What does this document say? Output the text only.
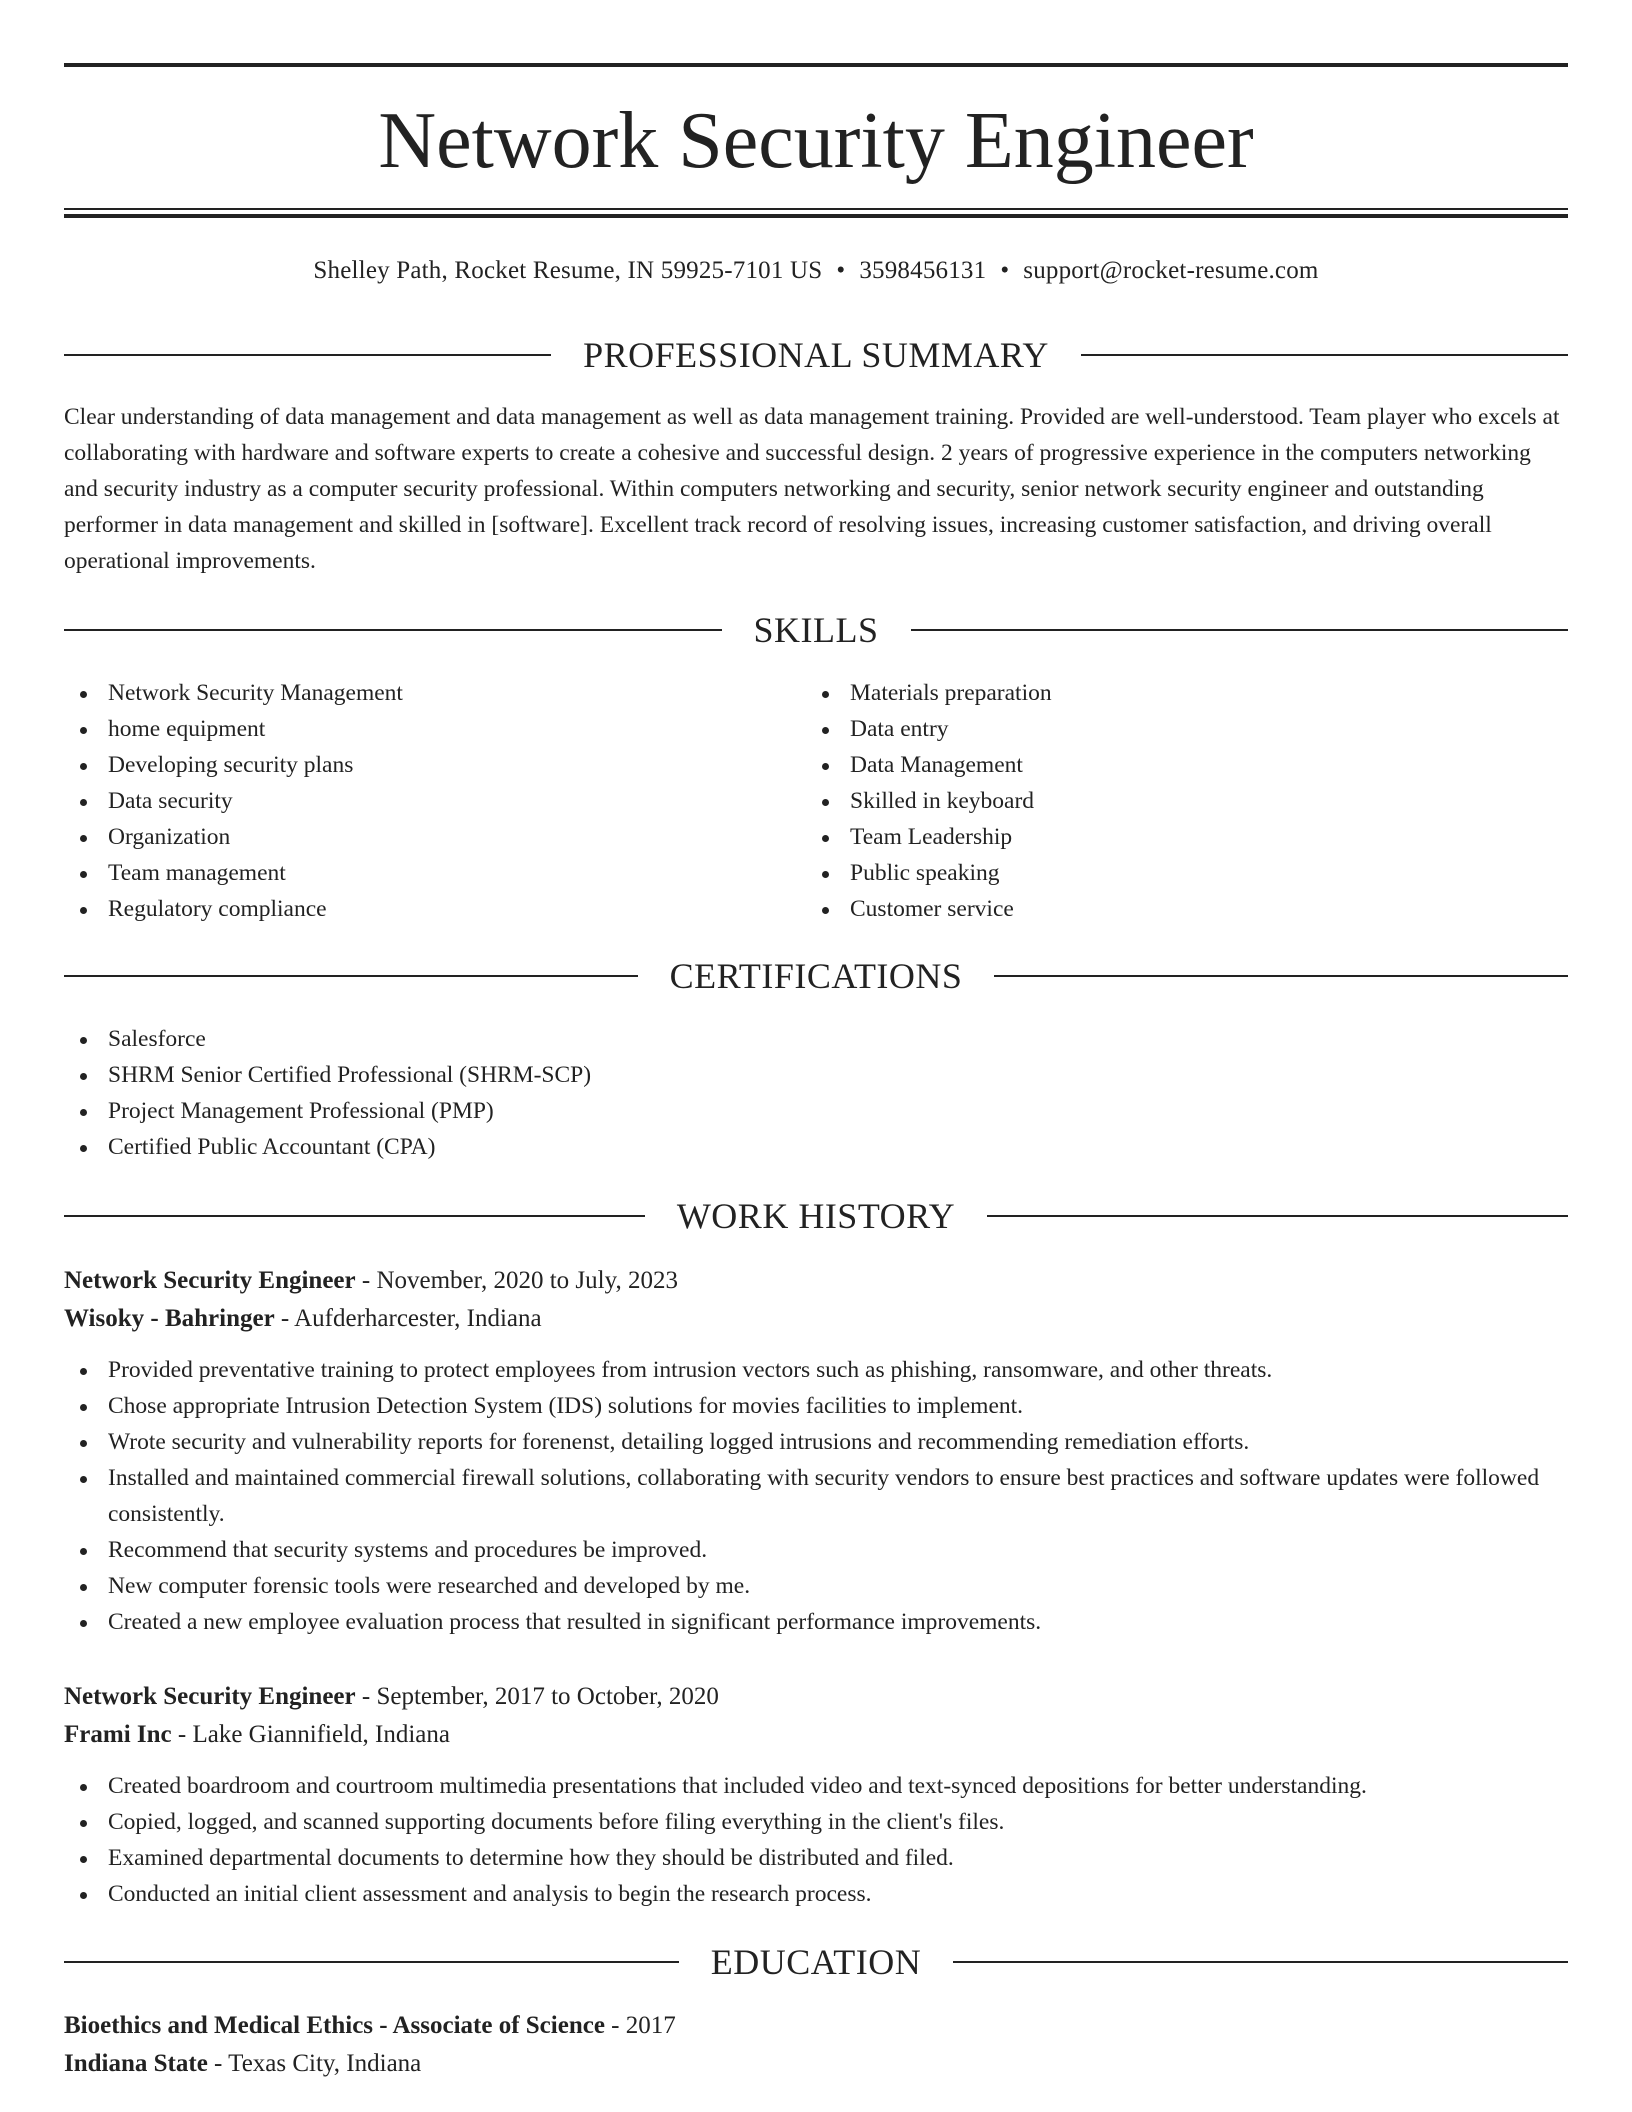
Network Security Engineer
Shelley Path, Rocket Resume, IN 59925-7101 US • 3598456131 • support@rocket-resume.com
PROFESSIONAL SUMMARY

Clear understanding of data management and data management as well as data management training. Provided are well-understood. Team player who excels at collaborating with hardware and software experts to create a cohesive and successful design. 2 years of progressive experience in the computers networking and security industry as a computer security professional. Within computers networking and security, senior network security engineer and outstanding performer in data management and skilled in [software]. Excellent track record of resolving issues, increasing customer satisfaction, and driving overall operational improvements.

SKILLS
Network Security Management
home equipment
Developing security plans
Data security
Organization
Team management
Regulatory compliance
Materials preparation
Data entry
Data Management
Skilled in keyboard
Team Leadership
Public speaking
Customer service
CERTIFICATIONS
Salesforce
SHRM Senior Certified Professional (SHRM-SCP)
Project Management Professional (PMP)
Certified Public Accountant (CPA)
WORK HISTORY

Network Security Engineer - November, 2020 to July, 2023

Wisoky - Bahringer - Aufderharcester, Indiana

Provided preventative training to protect employees from intrusion vectors such as phishing, ransomware, and other threats.
Chose appropriate Intrusion Detection System (IDS) solutions for movies facilities to implement.
Wrote security and vulnerability reports for forenenst, detailing logged intrusions and recommending remediation efforts.
Installed and maintained commercial firewall solutions, collaborating with security vendors to ensure best practices and software updates were followed consistently.
Recommend that security systems and procedures be improved.
New computer forensic tools were researched and developed by me.
Created a new employee evaluation process that resulted in significant performance improvements.

Network Security Engineer - September, 2017 to October, 2020

Frami Inc - Lake Giannifield, Indiana

Created boardroom and courtroom multimedia presentations that included video and text-synced depositions for better understanding.
Copied, logged, and scanned supporting documents before filing everything in the client's files.
Examined departmental documents to determine how they should be distributed and filed.
Conducted an initial client assessment and analysis to begin the research process.
EDUCATION

Bioethics and Medical Ethics - Associate of Science - 2017

Indiana State - Texas City, Indiana
